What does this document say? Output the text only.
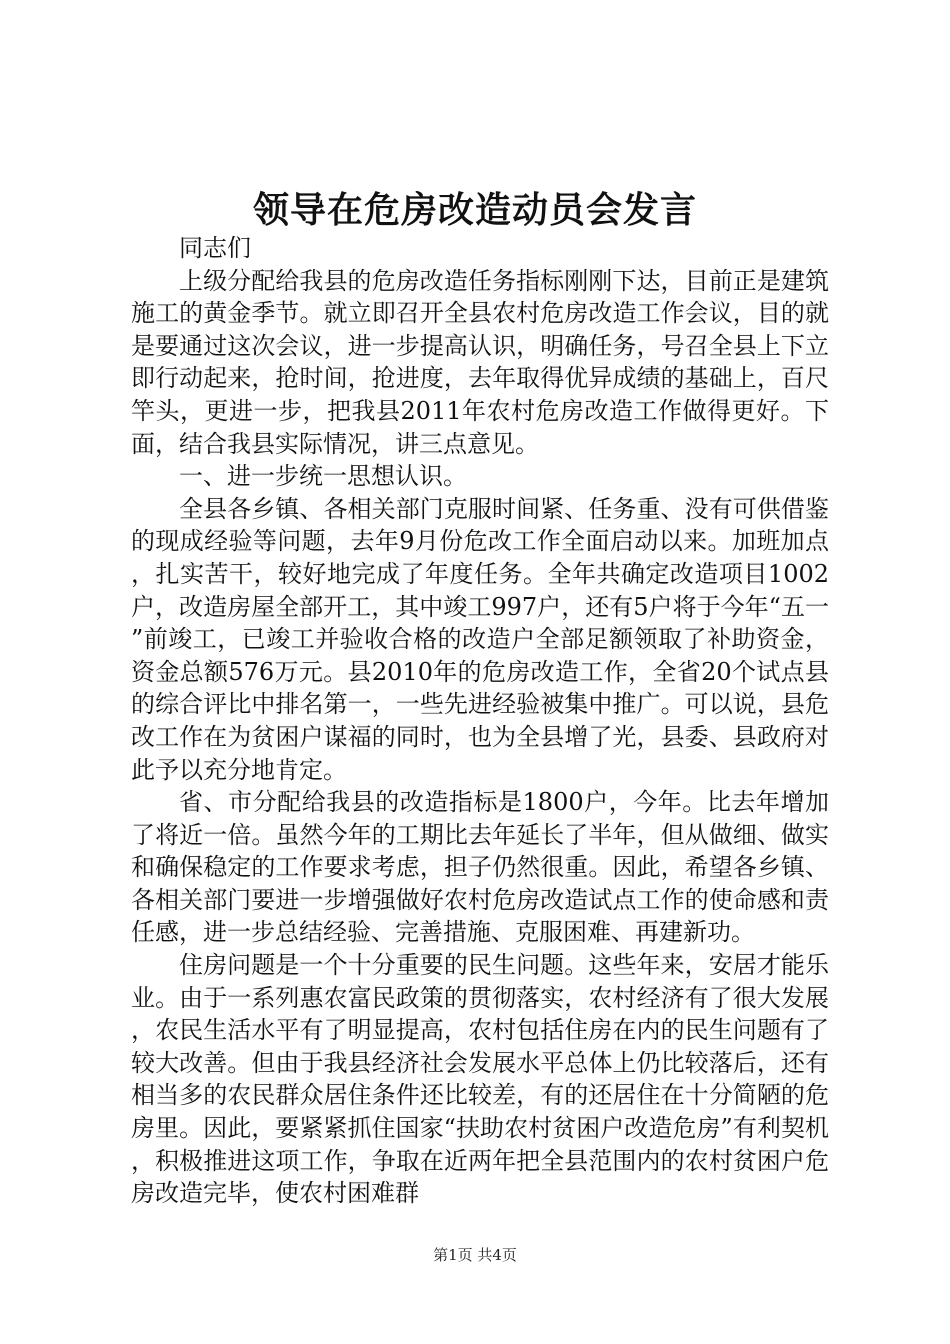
领导在危房改造动员会发言

同志们

上级分配给我县的危房改造任务指标刚刚下达，目前正是建筑施工的黄金季节。就立即召开全县农村危房改造工作会议，目的就是要通过这次会议，进一步提高认识，明确任务，号召全县上下立即行动起来，抢时间，抢进度，去年取得优异成绩的基础上，百尺竿头，更进一步，把我县2011年农村危房改造工作做得更好。下面，结合我县实际情况，讲三点意见。

一、进一步统一思想认识。

全县各乡镇、各相关部门克服时间紧、任务重、没有可供借鉴的现成经验等问题，去年9月份危改工作全面启动以来。加班加点，扎实苦干，较好地完成了年度任务。全年共确定改造项目1002户，改造房屋全部开工，其中竣工997户，还有5户将于今年“五一”前竣工，已竣工并验收合格的改造户全部足额领取了补助资金，资金总额576万元。县2010年的危房改造工作，全省20个试点县的综合评比中排名第一，一些先进经验被集中推广。可以说，县危改工作在为贫困户谋福的同时，也为全县增了光，县委、县政府对此予以充分地肯定。

省、市分配给我县的改造指标是1800户，今年。比去年增加了将近一倍。虽然今年的工期比去年延长了半年，但从做细、做实和确保稳定的工作要求考虑，担子仍然很重。因此，希望各乡镇、各相关部门要进一步增强做好农村危房改造试点工作的使命感和责任感，进一步总结经验、完善措施、克服困难、再建新功。

住房问题是一个十分重要的民生问题。这些年来，安居才能乐业。由于一系列惠农富民政策的贯彻落实，农村经济有了很大发展，农民生活水平有了明显提高，农村包括住房在内的民生问题有了较大改善。但由于我县经济社会发展水平总体上仍比较落后，还有相当多的农民群众居住条件还比较差，有的还居住在十分简陋的危房里。因此，要紧紧抓住国家“扶助农村贫困户改造危房”有利契机，积极推进这项工作，争取在近两年把全县范围内的农村贫困户危房改造完毕，使农村困难群

第1页 共4页
